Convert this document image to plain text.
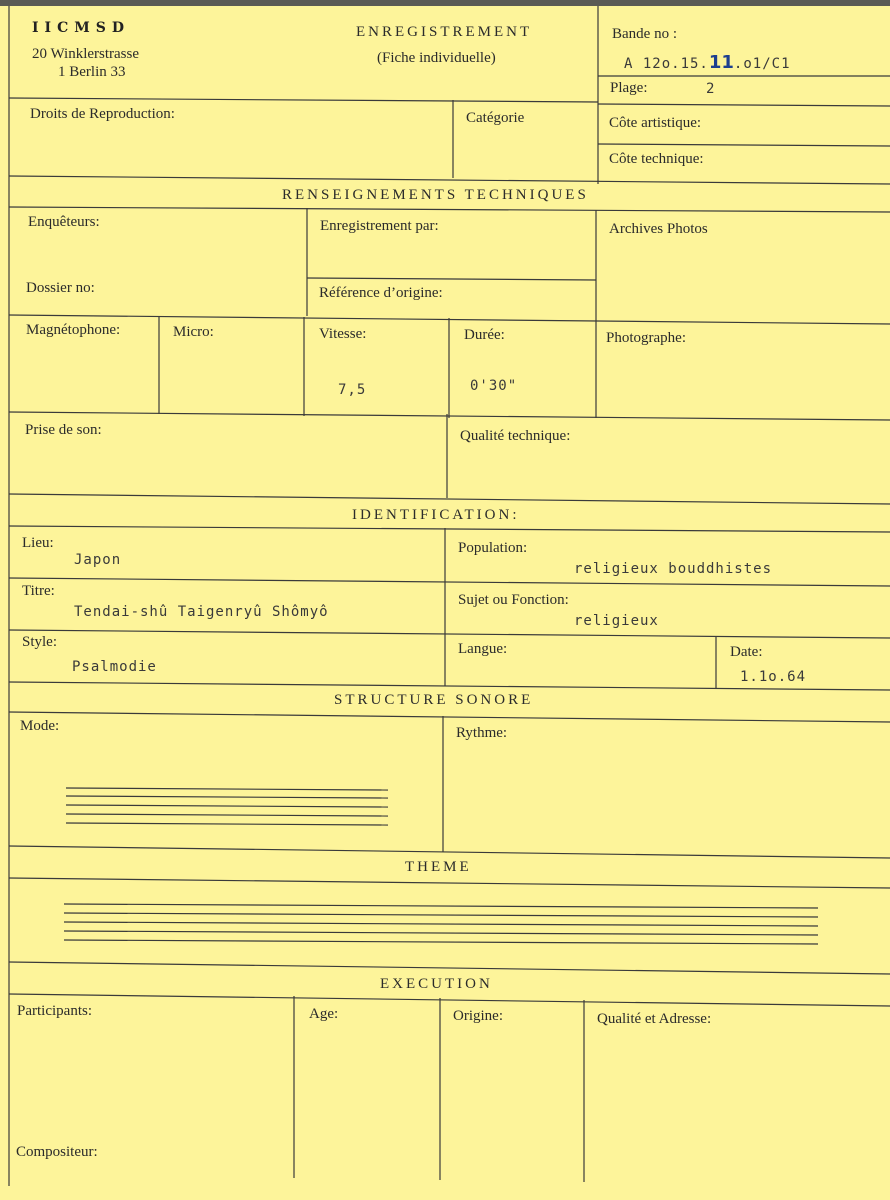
IICMSD
20 Winklerstrasse
1 Berlin 33
ENREGISTREMENT
(Fiche individuelle)
Bande no :
A 12o.15.11.o1/C1
Plage:	2
Droits de Reproduction:	Catégorie	Côte artistique:
Côte technique:
RENSEIGNEMENTS TECHNIQUES
Enquêteurs:	Enregistrement par:	Archives Photos
Dossier no:	Référence d’origine:
Magnétophone:	Micro:	Vitesse:
7,5
Durée:
0'30"
Photographe:
Prise de son:	Qualité technique:
IDENTIFICATION:
Lieu:
Japon
Population:
religieux bouddhistes
Titre:
Tendai-shû Taigenryû Shômyô
Sujet ou Fonction:
religieux
Style:
Psalmodie
Langue:	Date:
1.1o.64
STRUCTURE SONORE
Mode:	Rythme:
THEME
EXECUTION
Participants:	Age:	Origine:	Qualité et Adresse:
Compositeur:
